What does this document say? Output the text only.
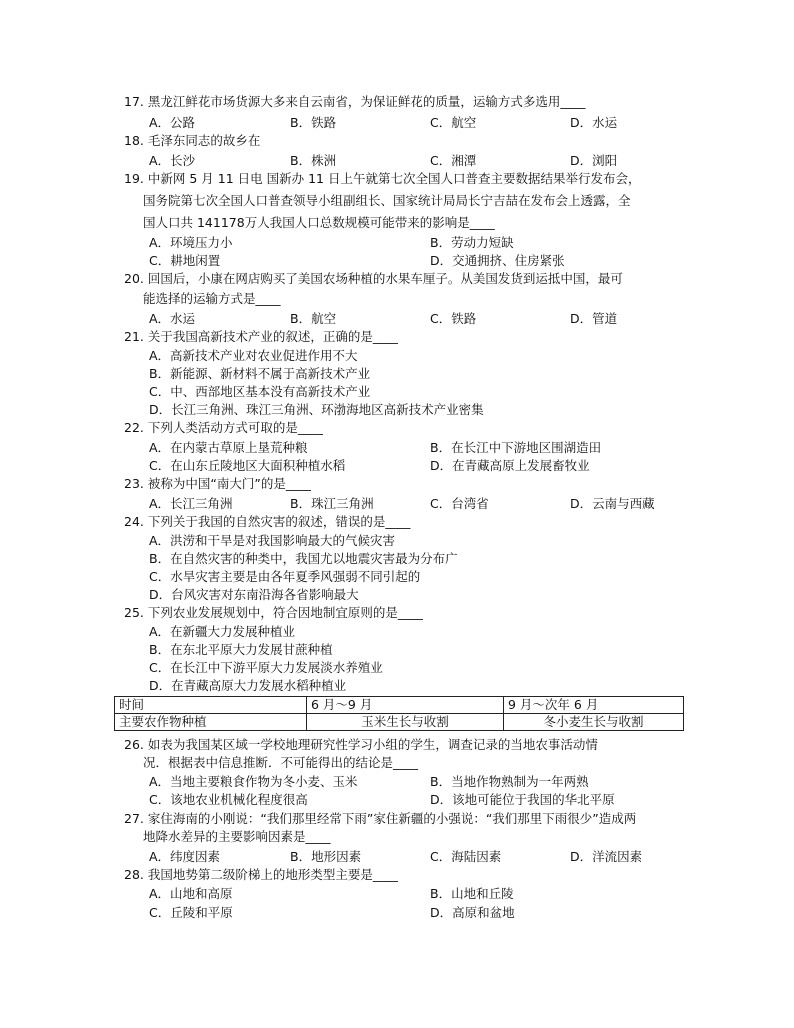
17. 黑龙江鲜花市场货源大多来自云南省，为保证鲜花的质量，运输方式多选用____
A．公路	B．铁路	C．航空	D．水运
18. 毛泽东同志的故乡在
A．长沙	B．株洲	C．湘潭	D．浏阳
19. 中新网 5 月 11 日电 国新办 11 日上午就第七次全国人口普查主要数据结果举行发布会，
国务院第七次全国人口普查领导小组副组长、国家统计局局长宁吉喆在发布会上透露，全
国人口共 141178万人我国人口总数规模可能带来的影响是____
A．环境压力小	B．劳动力短缺
C．耕地闲置	D．交通拥挤、住房紧张
20. 回国后，小康在网店购买了美国农场种植的水果车厘子。从美国发货到运抵中国，最可
能选择的运输方式是____
A．水运	B．航空	C．铁路	D．管道
21. 关于我国高新技术产业的叙述，正确的是____
A．高新技术产业对农业促进作用不大
B．新能源、新材料不属于高新技术产业
C．中、西部地区基本没有高新技术产业
D．长江三角洲、珠江三角洲、环渤海地区高新技术产业密集
22. 下列人类活动方式可取的是____
A．在内蒙古草原上垦荒种粮	B．在长江中下游地区围湖造田
C．在山东丘陵地区大面积种植水稻	D．在青藏高原上发展畜牧业
23. 被称为中国“南大门”的是____
A．长江三角洲	B．珠江三角洲	C．台湾省	D．云南与西藏
24. 下列关于我国的自然灾害的叙述，错误的是____
A．洪涝和干旱是对我国影响最大的气候灾害
B．在自然灾害的种类中，我国尤以地震灾害最为分布广
C．水旱灾害主要是由各年夏季风强弱不同引起的
D．台风灾害对东南沿海各省影响最大
25. 下列农业发展规划中，符合因地制宜原则的是____
A．在新疆大力发展种植业
B．在东北平原大力发展甘蔗种植
C．在长江中下游平原大力发展淡水养殖业
D．在青藏高原大力发展水稻种植业
时间	6 月～9 月	9 月～次年 6 月
主要农作物种植	玉米生长与收割	冬小麦生长与收割
26. 如表为我国某区域一学校地理研究性学习小组的学生，调查记录的当地农事活动情
况．根据表中信息推断．不可能得出的结论是____
A．当地主要粮食作物为冬小麦、玉米	B．当地作物熟制为一年两熟
C．该地农业机械化程度很高	D．该地可能位于我国的华北平原
27. 家住海南的小刚说：“我们那里经常下雨”家住新疆的小强说：“我们那里下雨很少”造成两
地降水差异的主要影响因素是____
A．纬度因素	B．地形因素	C．海陆因素	D．洋流因素
28. 我国地势第二级阶梯上的地形类型主要是____
A．山地和高原	B．山地和丘陵
C．丘陵和平原	D．高原和盆地
